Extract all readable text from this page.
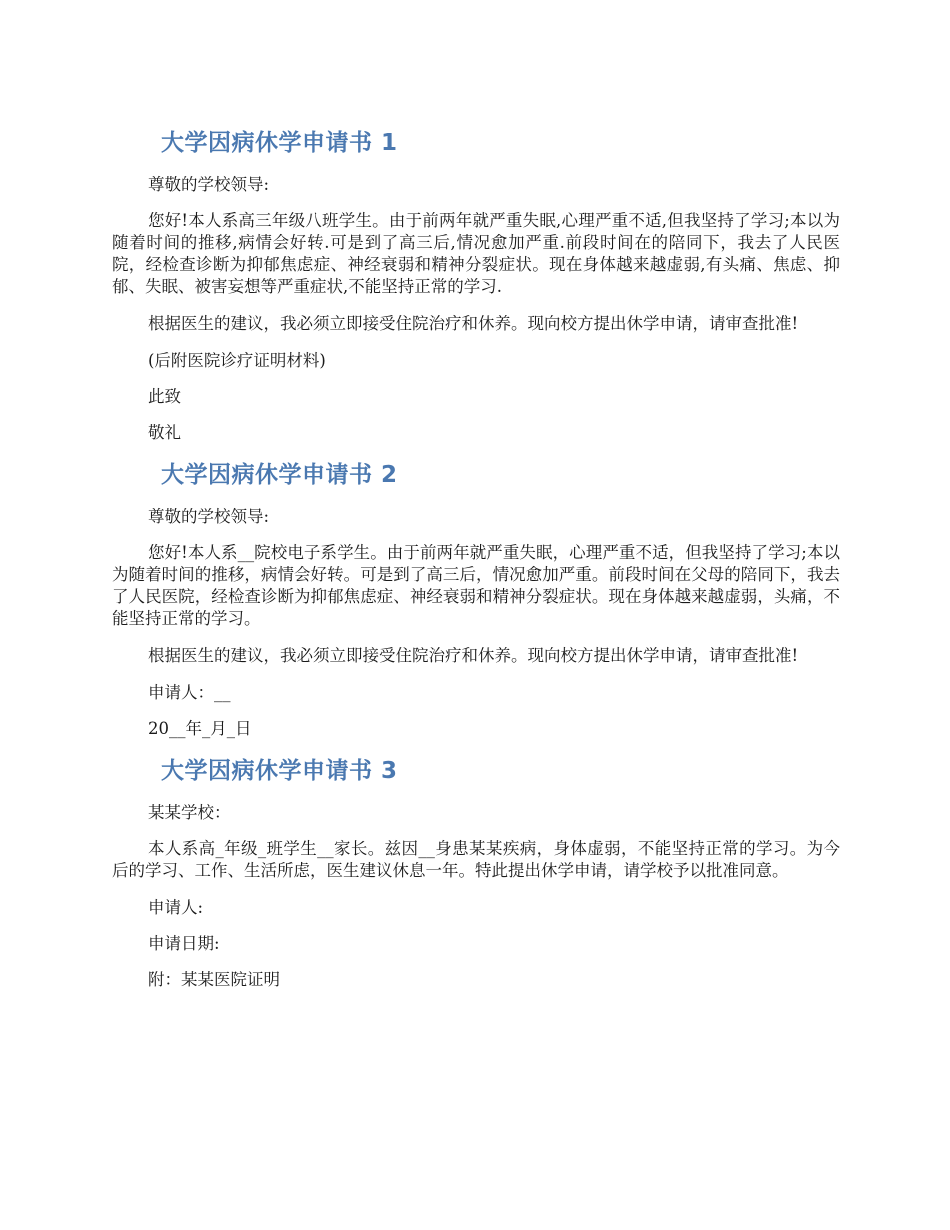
大学因病休学申请书 1
尊敬的学校领导:

您好!本人系高三年级八班学生。由于前两年就严重失眠,心理严重不适,但我坚持了学习;本以为随着时间的推移,病情会好转.可是到了高三后,情况愈加严重.前段时间在的陪同下，我去了人民医院，经检查诊断为抑郁焦虑症、神经衰弱和精神分裂症状。现在身体越来越虚弱,有头痛、焦虑、抑郁、失眠、被害妄想等严重症状,不能坚持正常的学习.

根据医生的建议，我必须立即接受住院治疗和休养。现向校方提出休学申请，请审查批准!

(后附医院诊疗证明材料)
此致
敬礼
大学因病休学申请书 2
尊敬的学校领导:

您好!本人系__院校电子系学生。由于前两年就严重失眠，心理严重不适，但我坚持了学习;本以为随着时间的推移，病情会好转。可是到了高三后，情况愈加严重。前段时间在父母的陪同下，我去了人民医院，经检查诊断为抑郁焦虑症、神经衰弱和精神分裂症状。现在身体越来越虚弱，头痛，不能坚持正常的学习。

根据医生的建议，我必须立即接受住院治疗和休养。现向校方提出休学申请，请审查批准!

申请人：__
20__年_月_日
大学因病休学申请书 3
某某学校：

本人系高_年级_班学生__家长。兹因__身患某某疾病，身体虚弱，不能坚持正常的学习。为今后的学习、工作、生活所虑，医生建议休息一年。特此提出休学申请，请学校予以批准同意。

申请人:
申请日期:
附：某某医院证明
